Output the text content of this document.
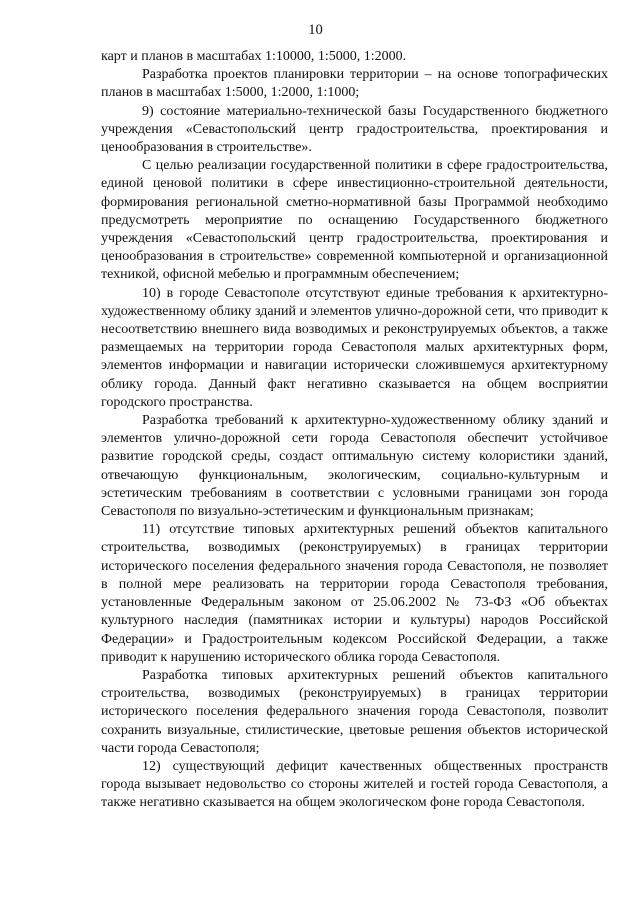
10

карт и планов в масштабах 1:10000, 1:5000, 1:2000.

Разработка проектов планировки территории – на основе топографических планов в масштабах 1:5000, 1:2000, 1:1000;

9) состояние материально-технической базы Государственного бюджетного учреждения «Севастопольский центр градостроительства, проектирования и ценообразования в строительстве».

С целью реализации государственной политики в сфере градостроительства, единой ценовой политики в сфере инвестиционно-строительной деятельности, формирования региональной сметно-нормативной базы Программой необходимо предусмотреть мероприятие по оснащению Государственного бюджетного учреждения «Севастопольский центр градостроительства, проектирования и ценообразования в строительстве» современной компьютерной и организационной техникой, офисной мебелью и программным обеспечением;

10) в городе Севастополе отсутствуют единые требования к архитектурно-художественному облику зданий и элементов улично-дорожной сети, что приводит к несоответствию внешнего вида возводимых и реконструируемых объектов, а также размещаемых на территории города Севастополя малых архитектурных форм, элементов информации и навигации исторически сложившемуся архитектурному облику города. Данный факт негативно сказывается на общем восприятии городского пространства.

Разработка требований к архитектурно-художественному облику зданий и элементов улично-дорожной сети города Севастополя обеспечит устойчивое развитие городской среды, создаст оптимальную систему колористики зданий, отвечающую функциональным, экологическим, социально-культурным и эстетическим требованиям в соответствии с условными границами зон города Севастополя по визуально-эстетическим и функциональным признакам;

11) отсутствие типовых архитектурных решений объектов капитального строительства, возводимых (реконструируемых) в границах территории исторического поселения федерального значения города Севастополя, не позволяет в полной мере реализовать на территории города Севастополя требования, установленные Федеральным законом от 25.06.2002 № 73-ФЗ «Об объектах культурного наследия (памятниках истории и культуры) народов Российской Федерации» и Градостроительным кодексом Российской Федерации, а также приводит к нарушению исторического облика города Севастополя.

Разработка типовых архитектурных решений объектов капитального строительства, возводимых (реконструируемых) в границах территории исторического поселения федерального значения города Севастополя, позволит сохранить визуальные, стилистические, цветовые решения объектов исторической части города Севастополя;

12) существующий дефицит качественных общественных пространств города вызывает недовольство со стороны жителей и гостей города Севастополя, а также негативно сказывается на общем экологическом фоне города Севастополя.
